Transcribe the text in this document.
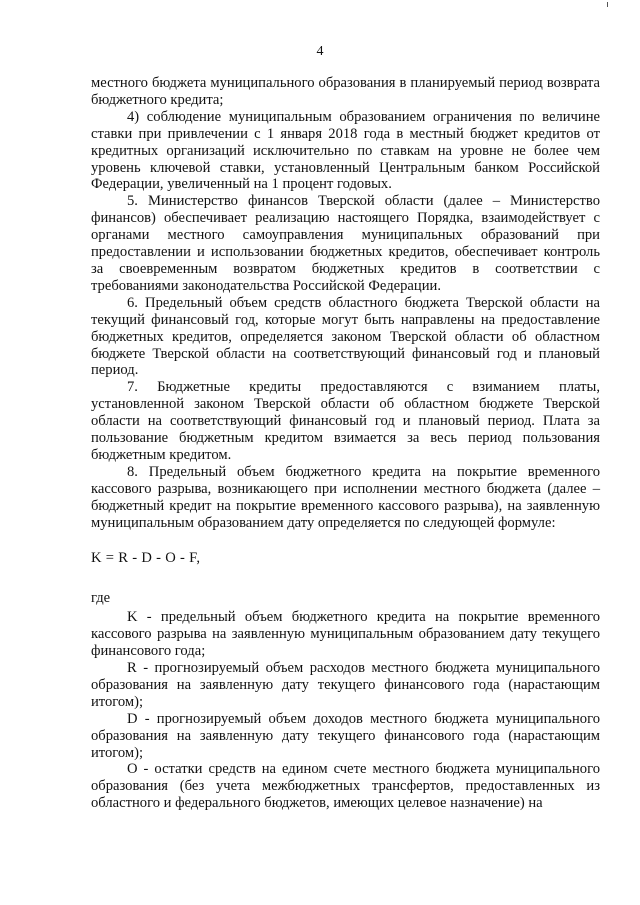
4

местного бюджета муниципального образования в планируемый период возврата бюджетного кредита;

4) соблюдение муниципальным образованием ограничения по величине ставки при привлечении с 1 января 2018 года в местный бюджет кредитов от кредитных организаций исключительно по ставкам на уровне не более чем уровень ключевой ставки, установленный Центральным банком Российской Федерации, увеличенный на 1 процент годовых.

5. Министерство финансов Тверской области (далее – Министерство финансов) обеспечивает реализацию настоящего Порядка, взаимодействует с органами местного самоуправления муниципальных образований при предоставлении и использовании бюджетных кредитов, обеспечивает контроль за своевременным возвратом бюджетных кредитов в соответствии с требованиями законодательства Российской Федерации.

6. Предельный объем средств областного бюджета Тверской области на текущий финансовый год, которые могут быть направлены на предоставление бюджетных кредитов, определяется законом Тверской области об областном бюджете Тверской области на соответствующий финансовый год и плановый период.

7. Бюджетные кредиты предоставляются с взиманием платы, установленной законом Тверской области об областном бюджете Тверской области на соответствующий финансовый год и плановый период. Плата за пользование бюджетным кредитом взимается за весь период пользования бюджетным кредитом.

8. Предельный объем бюджетного кредита на покрытие временного кассового разрыва, возникающего при исполнении местного бюджета (далее – бюджетный кредит на покрытие временного кассового разрыва), на заявленную муниципальным образованием дату определяется по следующей формуле:

K = R - D - O - F,

где

K - предельный объем бюджетного кредита на покрытие временного кассового разрыва на заявленную муниципальным образованием дату текущего финансового года;

R - прогнозируемый объем расходов местного бюджета муниципального образования на заявленную дату текущего финансового года (нарастающим итогом);

D - прогнозируемый объем доходов местного бюджета муниципального образования на заявленную дату текущего финансового года (нарастающим итогом);

О - остатки средств на едином счете местного бюджета муниципального образования (без учета межбюджетных трансфертов, предоставленных из областного и федерального бюджетов, имеющих целевое назначение) на
